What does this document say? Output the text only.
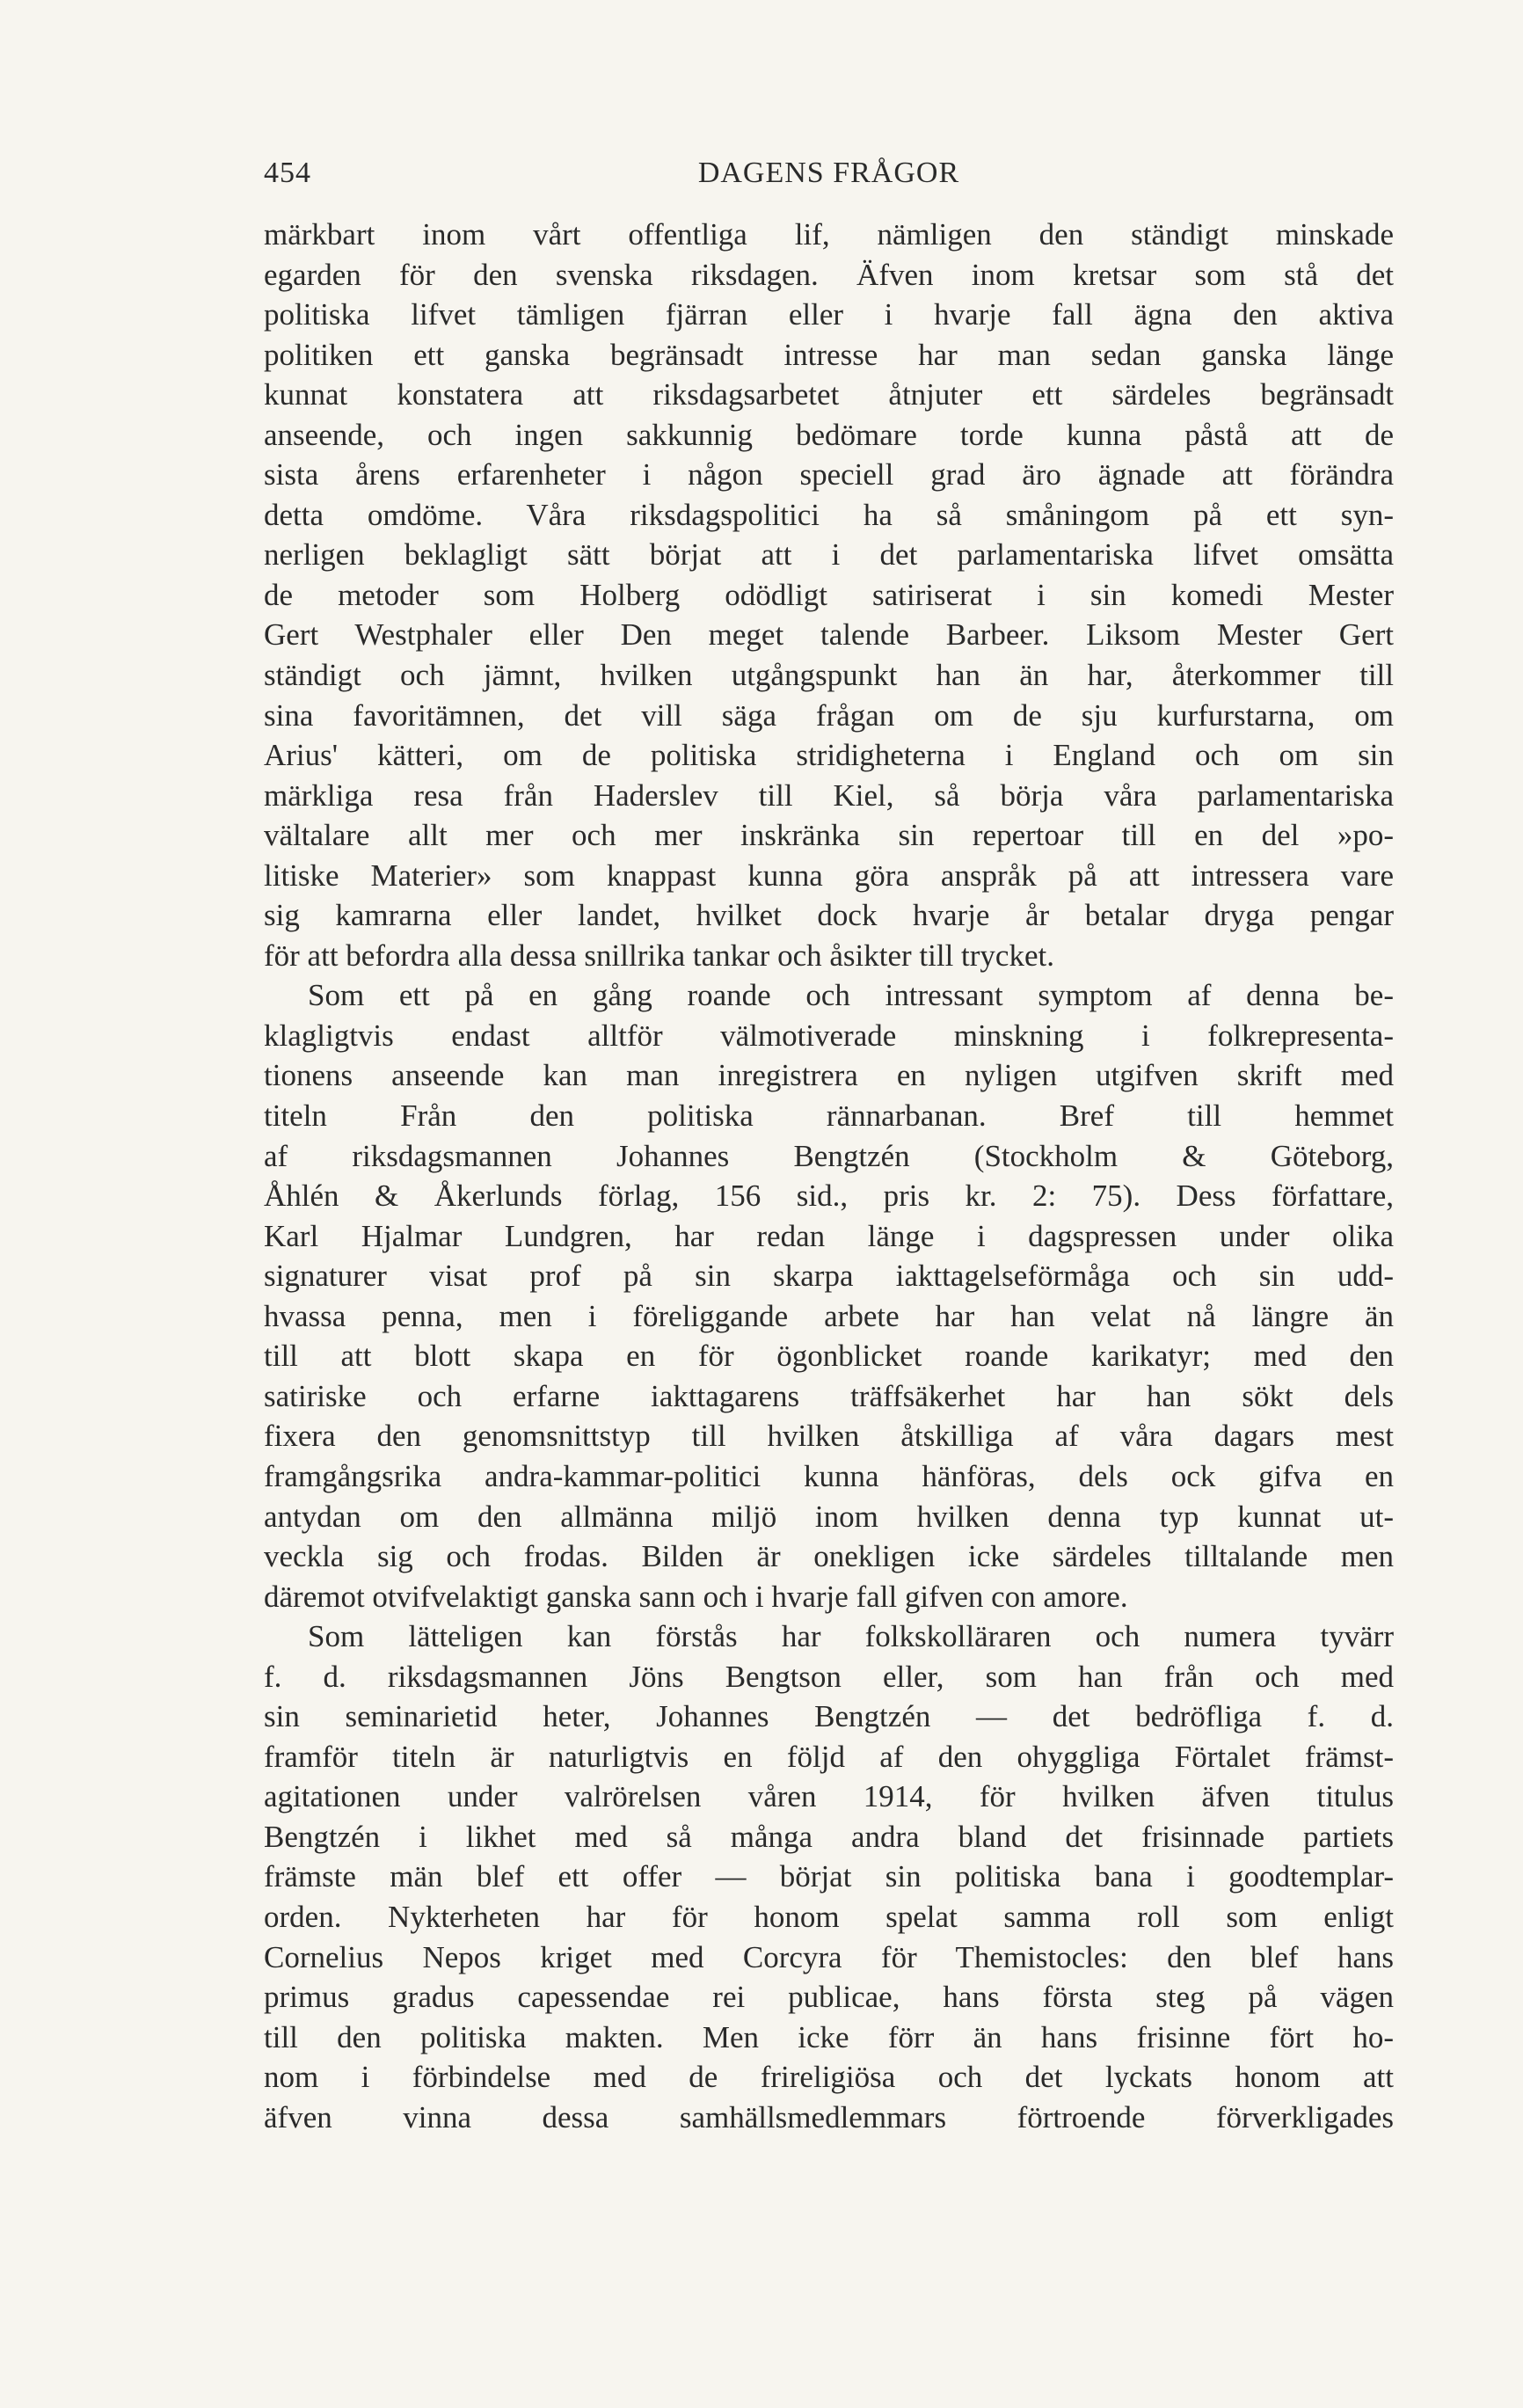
454	DAGENS FRÅGOR
märkbart inom vårt offentliga lif, nämligen den ständigt minskade
egarden för den svenska riksdagen. Äfven inom kretsar som stå det
politiska lifvet tämligen fjärran eller i hvarje fall ägna den aktiva
politiken ett ganska begränsadt intresse har man sedan ganska länge
kunnat konstatera att riksdagsarbetet åtnjuter ett särdeles begränsadt
anseende, och ingen sakkunnig bedömare torde kunna påstå att de
sista årens erfarenheter i någon speciell grad äro ägnade att förändra
detta omdöme. Våra riksdagspolitici ha så småningom på ett syn-
nerligen beklagligt sätt börjat att i det parlamentariska lifvet omsätta
de metoder som Holberg odödligt satiriserat i sin komedi Mester
Gert Westphaler eller Den meget talende Barbeer. Liksom Mester Gert
ständigt och jämnt, hvilken utgångspunkt han än har, återkommer till
sina favoritämnen, det vill säga frågan om de sju kurfurstarna, om
Arius' kätteri, om de politiska stridigheterna i England och om sin
märkliga resa från Haderslev till Kiel, så börja våra parlamentariska
vältalare allt mer och mer inskränka sin repertoar till en del »po-
litiske Materier» som knappast kunna göra anspråk på att intressera vare
sig kamrarna eller landet, hvilket dock hvarje år betalar dryga pengar
för att befordra alla dessa snillrika tankar och åsikter till trycket.
Som ett på en gång roande och intressant symptom af denna be-
klagligtvis endast alltför välmotiverade minskning i folkrepresenta-
tionens anseende kan man inregistrera en nyligen utgifven skrift med
titeln Från den politiska rännarbanan. Bref till hemmet
af riksdagsmannen Johannes Bengtzén (Stockholm & Göteborg,
Åhlén & Åkerlunds förlag, 156 sid., pris kr. 2: 75). Dess författare,
Karl Hjalmar Lundgren, har redan länge i dagspressen under olika
signaturer visat prof på sin skarpa iakttagelseförmåga och sin udd-
hvassa penna, men i föreliggande arbete har han velat nå längre än
till att blott skapa en för ögonblicket roande karikatyr; med den
satiriske och erfarne iakttagarens träffsäkerhet har han sökt dels
fixera den genomsnittstyp till hvilken åtskilliga af våra dagars mest
framgångsrika andra-kammar-politici kunna hänföras, dels ock gifva en
antydan om den allmänna miljö inom hvilken denna typ kunnat ut-
veckla sig och frodas. Bilden är onekligen icke särdeles tilltalande men
däremot otvifvelaktigt ganska sann och i hvarje fall gifven con amore.
Som lätteligen kan förstås har folkskolläraren och numera tyvärr
f. d. riksdagsmannen Jöns Bengtson eller, som han från och med
sin seminarietid heter, Johannes Bengtzén — det bedröfliga f. d.
framför titeln är naturligtvis en följd af den ohyggliga Förtalet främst-
agitationen under valrörelsen våren 1914, för hvilken äfven titulus
Bengtzén i likhet med så många andra bland det frisinnade partiets
främste män blef ett offer — börjat sin politiska bana i goodtemplar-
orden. Nykterheten har för honom spelat samma roll som enligt
Cornelius Nepos kriget med Corcyra för Themistocles: den blef hans
primus gradus capessendae rei publicae, hans första steg på vägen
till den politiska makten. Men icke förr än hans frisinne fört ho-
nom i förbindelse med de frireligiösa och det lyckats honom att
äfven vinna dessa samhällsmedlemmars förtroende förverkligades
